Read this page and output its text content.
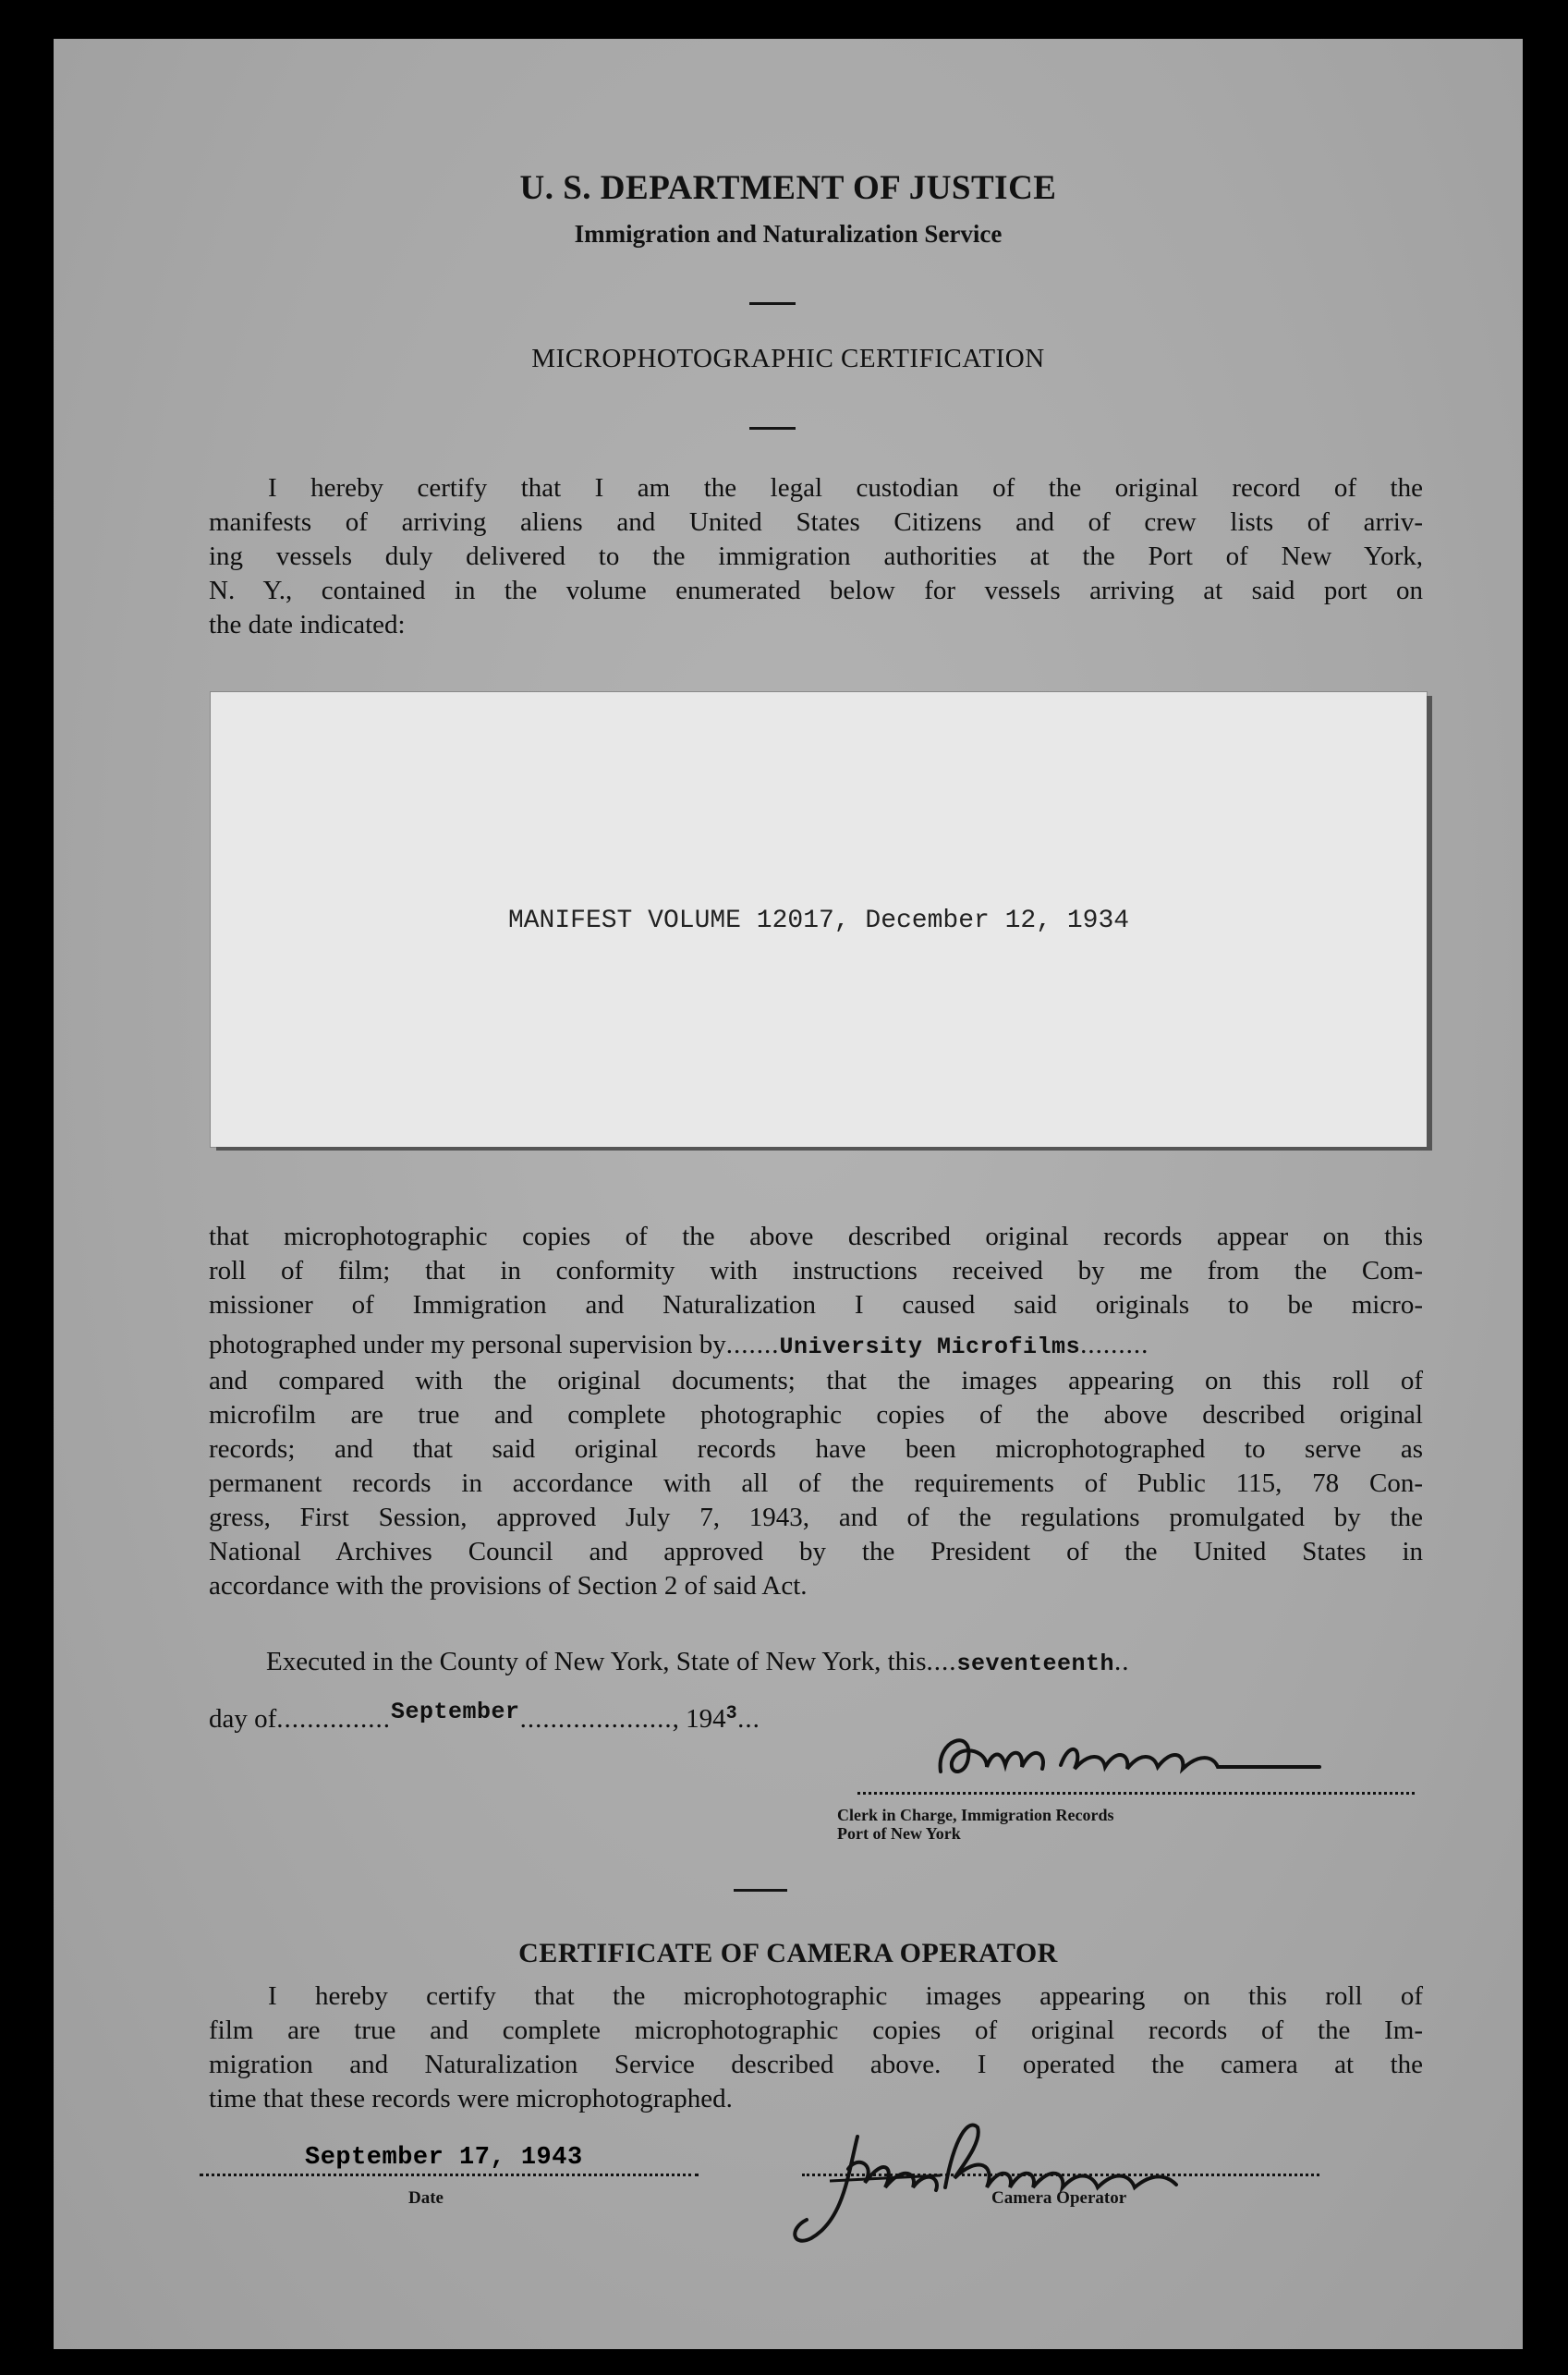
U. S. DEPARTMENT OF JUSTICE
Immigration and Naturalization Service
MICROPHOTOGRAPHIC CERTIFICATION
I hereby certify that I am the legal custodian of the original record of the
manifests of arriving aliens and United States Citizens and of crew lists of arriv-
ing vessels duly delivered to the immigration authorities at the Port of New York,
N. Y., contained in the volume enumerated below for vessels arriving at said port on
the date indicated:
MANIFEST VOLUME 12017, December 12, 1934
that microphotographic copies of the above described original records appear on this
roll of film; that in conformity with instructions received by me from the Com-
missioner of Immigration and Naturalization I caused said originals to be micro-
photographed under my personal supervision by.......University Microfilms.........
and compared with the original documents; that the images appearing on this roll of
microfilm are true and complete photographic copies of the above described original
records; and that said original records have been microphotographed to serve as
permanent records in accordance with all of the requirements of Public 115, 78 Con-
gress, First Session, approved July 7, 1943, and of the regulations promulgated by the
National Archives Council and approved by the President of the United States in
accordance with the provisions of Section 2 of said Act.
Executed in the County of New York, State of New York, this....seventeenth..
day of...............September...................., $194^3$...
Clerk in Charge, Immigration Records
Port of New York
CERTIFICATE OF CAMERA OPERATOR
I hereby certify that the microphotographic images appearing on this roll of
film are true and complete microphotographic copies of original records of the Im-
migration and Naturalization Service described above. I operated the camera at the
time that these records were microphotographed.
September 17, 1943
Date	Camera Operator
